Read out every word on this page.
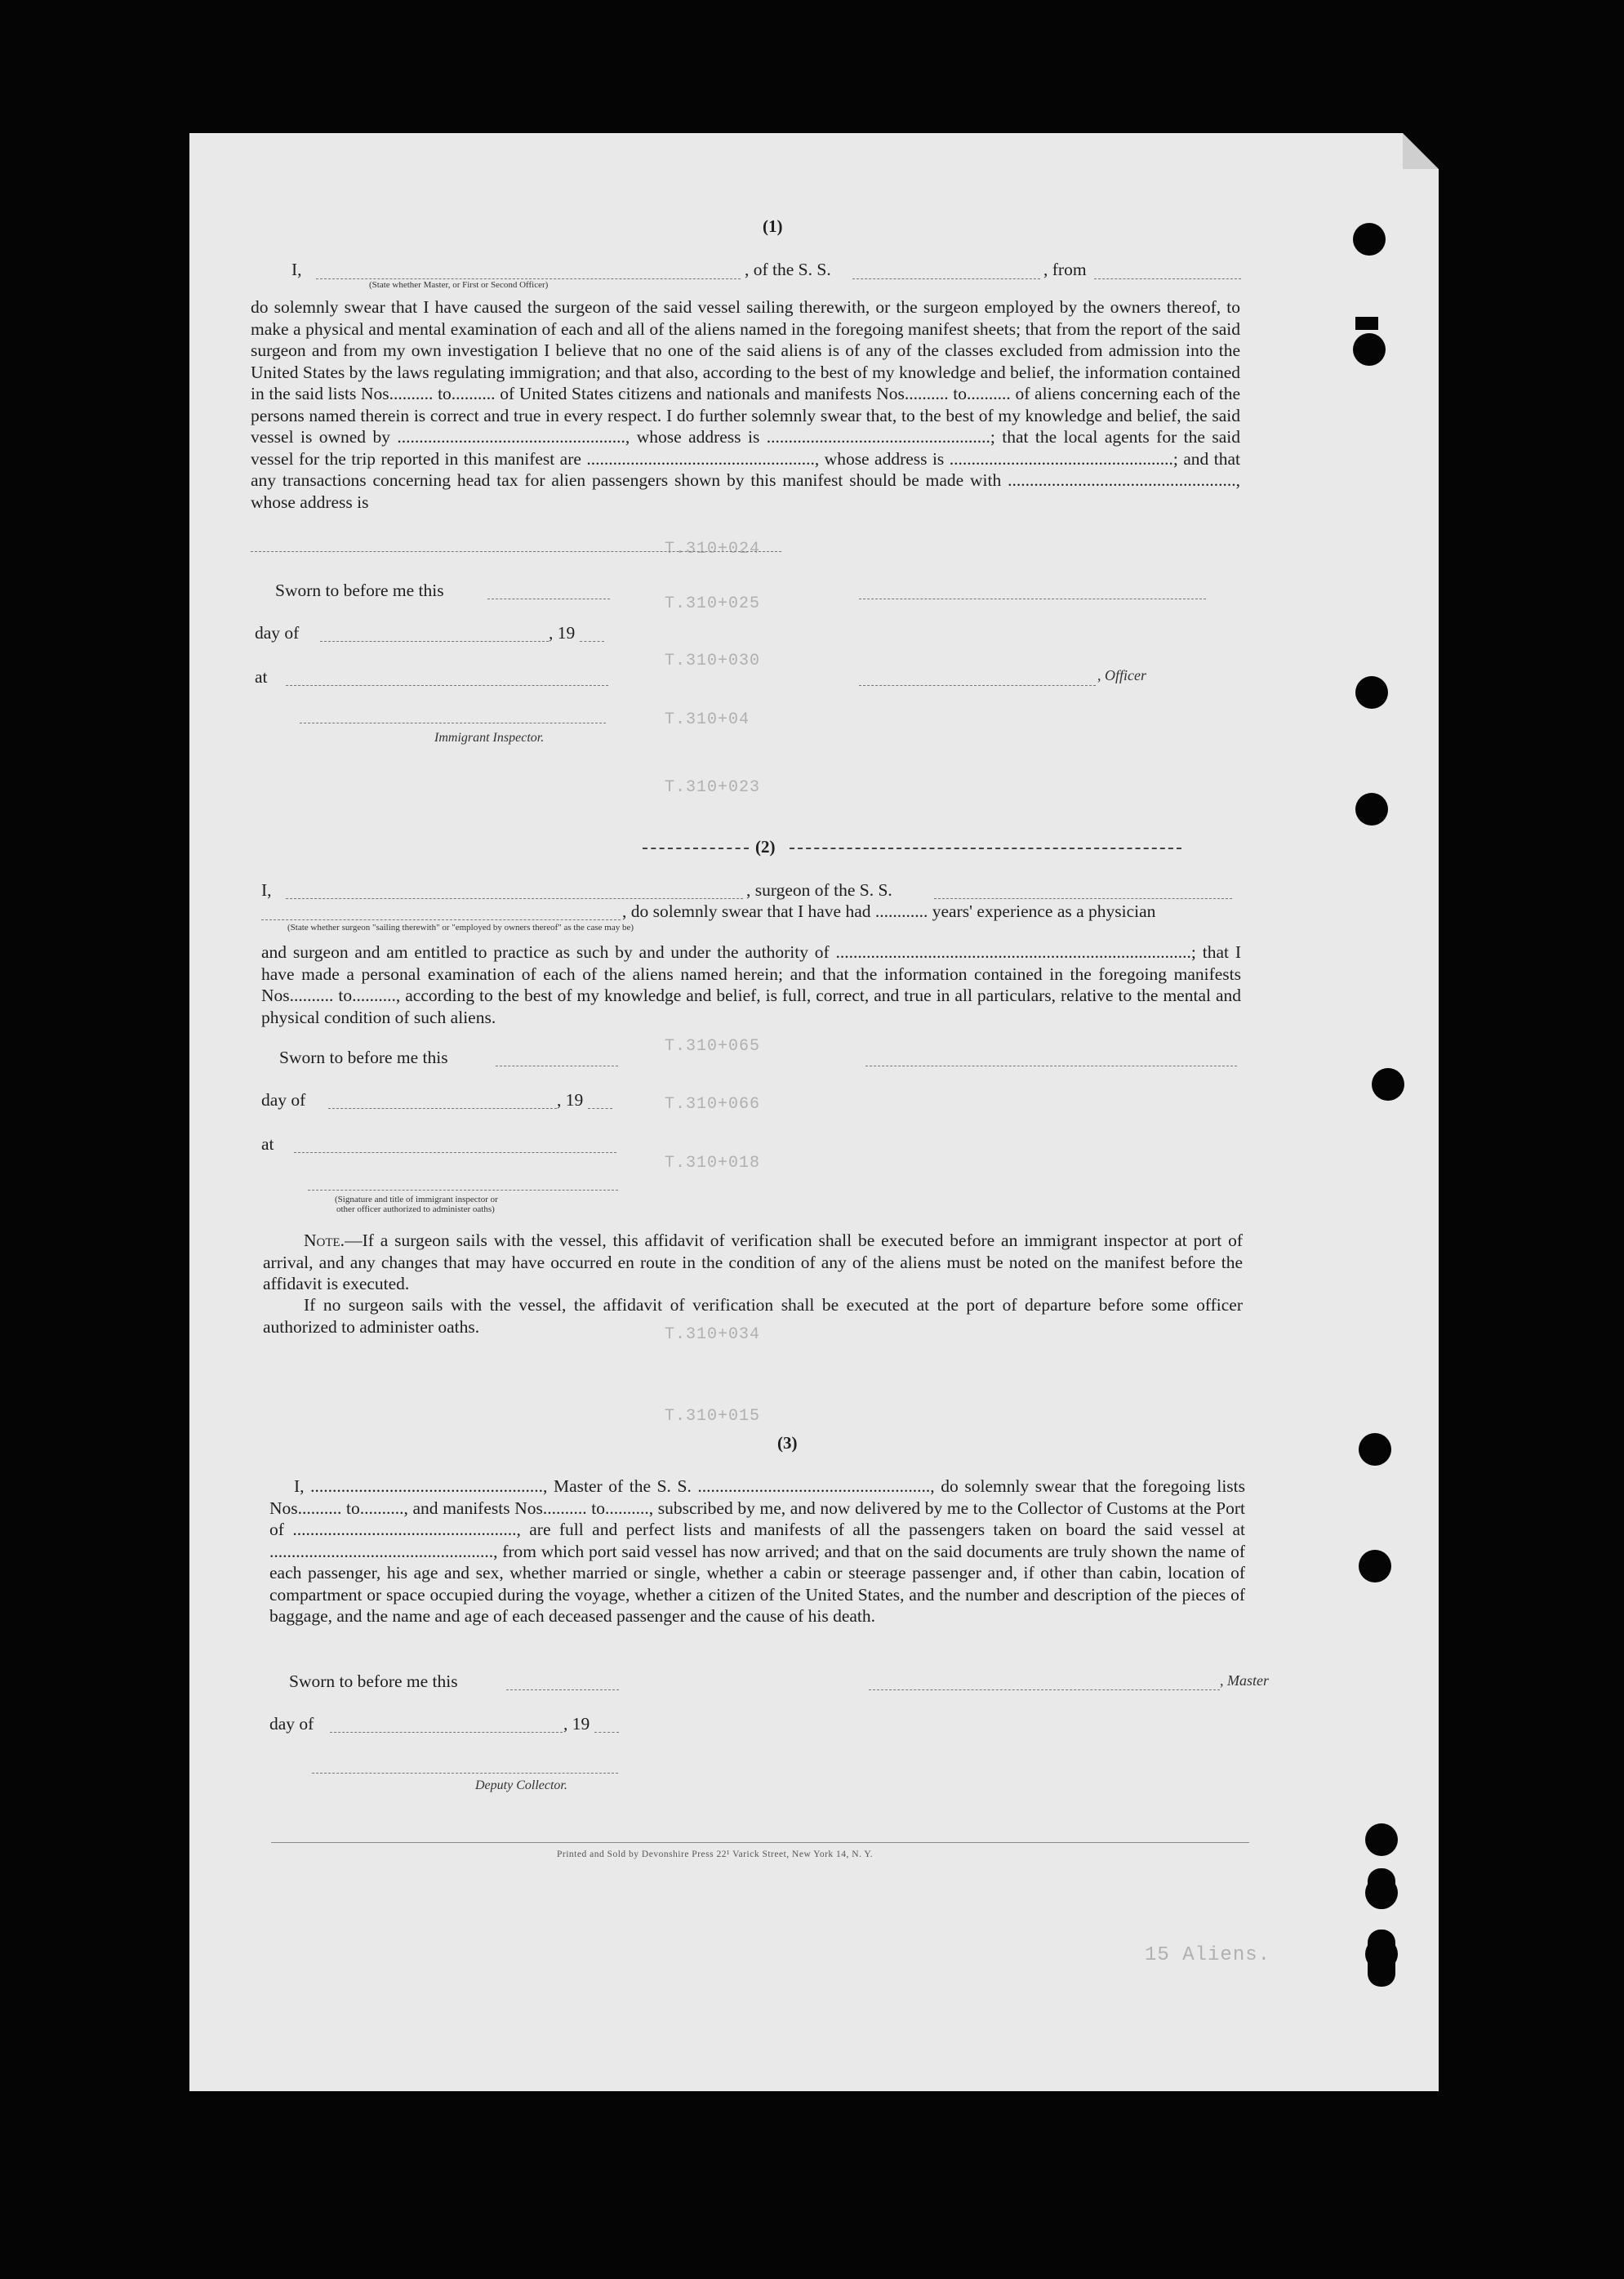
T.310+024
T.310+025
T.310+030
T.310+04
T.310+023
T.310+065
T.310+066
T.310+018
T.310+034
T.310+015
15 Aliens.
(1)
I,	, of the S. S.	, from
(State whether Master, or First or Second Officer)
do solemnly swear that I have caused the surgeon of the said vessel sailing therewith, or the surgeon employed by the owners thereof, to make a physical and mental examination of each and all of the aliens named in the foregoing manifest sheets; that from the report of the said surgeon and from my own investigation I believe that no one of the said aliens is of any of the classes excluded from admission into the United States by the laws regulating immigration; and that also, according to the best of my knowledge and belief, the information contained in the said lists Nos.......... to.......... of United States citizens and nationals and manifests Nos.......... to.......... of aliens concerning each of the persons named therein is correct and true in every respect. I do further solemnly swear that, to the best of my knowledge and belief, the said vessel is owned by ...................................................., whose address is ...................................................; that the local agents for the said vessel for the trip reported in this manifest are ...................................................., whose address is ...................................................; and that any transactions concerning head tax for alien passengers shown by this manifest should be made with ...................................................., whose address is
Sworn to before me this
day of	, 19
at	, Officer
Immigrant Inspector.
(2)
I,	, surgeon of the S. S.
, do solemnly swear that I have had ............ years' experience as a physician
(State whether surgeon "sailing therewith" or "employed by owners thereof" as the case may be)
and surgeon and am entitled to practice as such by and under the authority of .................................................................................; that I have made a personal examination of each of the aliens named herein; and that the information contained in the foregoing manifests Nos.......... to.........., according to the best of my knowledge and belief, is full, correct, and true in all particulars, relative to the mental and physical condition of such aliens.
Sworn to before me this
day of	, 19
at
(Signature and title of immigrant inspector or
other officer authorized to administer oaths)
Note.—If a surgeon sails with the vessel, this affidavit of verification shall be executed before an immigrant inspector at port of arrival, and any changes that may have occurred en route in the condition of any of the aliens must be noted on the manifest before the affidavit is executed.
If no surgeon sails with the vessel, the affidavit of verification shall be executed at the port of departure before some officer authorized to administer oaths.
(3)
I, ....................................................., Master of the S. S. ....................................................., do solemnly swear that the foregoing lists Nos.......... to.........., and manifests Nos.......... to.........., subscribed by me, and now delivered by me to the Collector of Customs at the Port of ..................................................., are full and perfect lists and manifests of all the passengers taken on board the said vessel at ..................................................., from which port said vessel has now arrived; and that on the said documents are truly shown the name of each passenger, his age and sex, whether married or single, whether a cabin or steerage passenger and, if other than cabin, location of compartment or space occupied during the voyage, whether a citizen of the United States, and the number and description of the pieces of baggage, and the name and age of each deceased passenger and the cause of his death.
Sworn to before me this	, Master
day of	, 19
Deputy Collector.
Printed and Sold by Devonshire Press 22¹ Varick Street, New York 14, N. Y.
